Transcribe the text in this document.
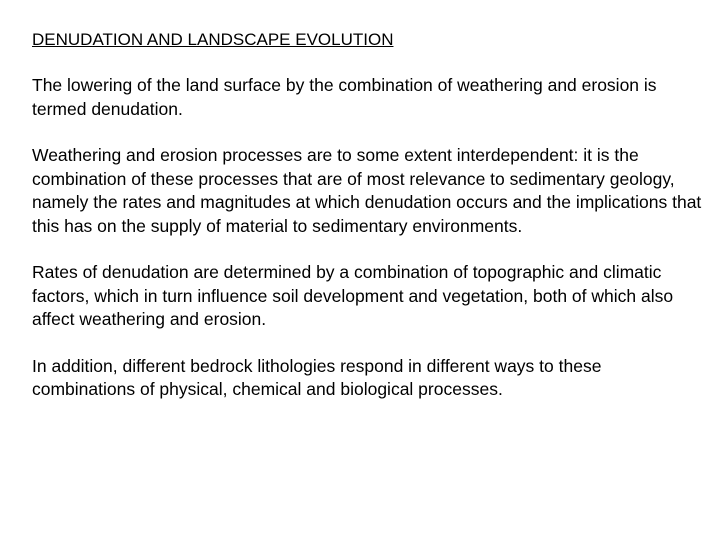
DENUDATION AND LANDSCAPE EVOLUTION

The lowering of the land surface by the combination of weathering and erosion is termed denudation.

Weathering and erosion processes are to some extent interdependent: it is the combination of these processes that are of most relevance to sedimentary geology, namely the rates and magnitudes at which denudation occurs and the implications that this has on the supply of material to sedimentary environments.

Rates of denudation are determined by a combination of topographic and climatic factors, which in turn influence soil development and vegetation, both of which also affect weathering and erosion.

In addition, different bedrock lithologies respond in different ways to these combinations of physical, chemical and biological processes.
